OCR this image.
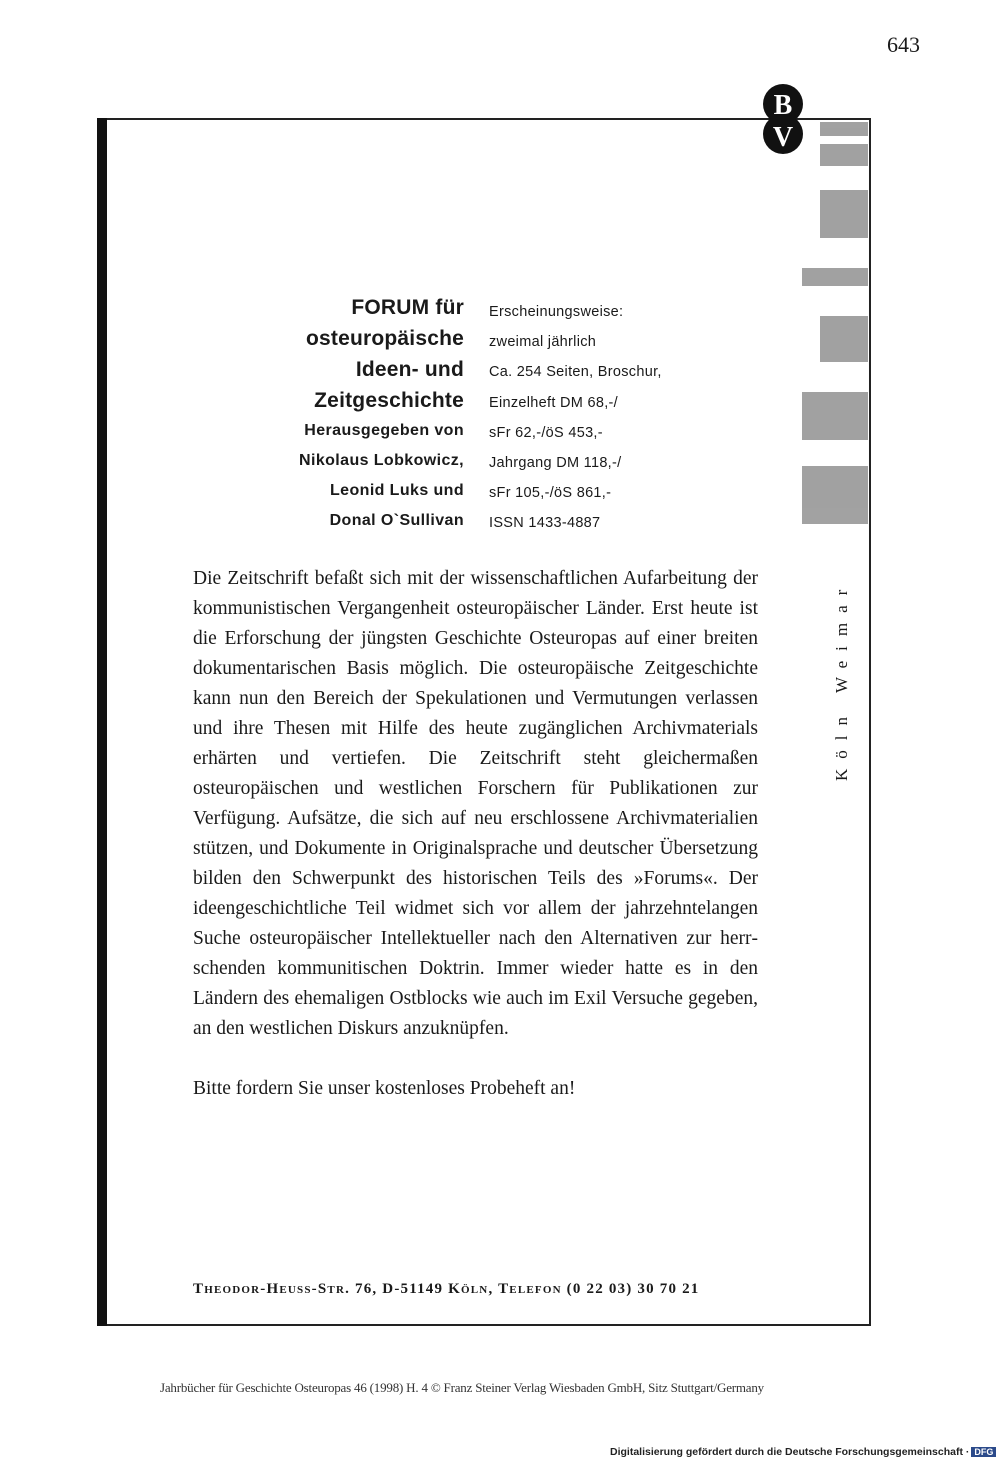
643
B
V
FORUM für
osteuropäische
Ideen- und
Zeitgeschichte
Herausgegeben von
Nikolaus Lobkowicz,
Leonid Luks und
Donal O`Sullivan
Erscheinungsweise:
zweimal jährlich
Ca. 254 Seiten, Broschur,
Einzelheft DM 68,-/
sFr 62,-/öS 453,-
Jahrgang DM 118,-/
sFr 105,-/öS 861,-
ISSN 1433-4887

Die Zeitschrift befaßt sich mit der wissenschaftlichen Aufarbeitung der kommunistischen Vergangenheit osteuropäischer Länder. Erst heute ist die Erforschung der jüngsten Geschichte Osteuropas auf einer breiten dokumentarischen Basis möglich. Die osteuropäische Zeitgeschichte kann nun den Bereich der Spekulationen und Vermutungen verlassen und ihre Thesen mit Hilfe des heute zugänglichen Archivmaterials erhärten und vertiefen. Die Zeitschrift steht gleichermaßen osteuropäischen und westlichen Forschern für Publikationen zur Verfügung. Aufsätze, die sich auf neu erschlossene Archivmaterialien stützen, und Dokumente in Originalsprache und deutscher Übersetzung bilden den Schwerpunkt des historischen Teils des »Forums«. Der ideengeschichtliche Teil widmet sich vor allem der jahrzehntelangen Suche osteuropäischer Intellektueller nach den Alternativen zur herrschenden kommunitischen Doktrin. Immer wieder hatte es in den Ländern des ehemaligen Ostblocks wie auch im Exil Versuche gegeben, an den westlichen Diskurs anzuknüpfen.

Bitte fordern Sie unser kostenloses Probeheft an!

Köln Weimar
Theodor-Heuss-Str. 76, D-51149 Köln, Telefon (0 22 03) 30 70 21
Jahrbücher für Geschichte Osteuropas 46 (1998) H. 4 © Franz Steiner Verlag Wiesbaden GmbH, Sitz Stuttgart/Germany
Digitalisierung gefördert durch die Deutsche Forschungsgemeinschaft · DFG
